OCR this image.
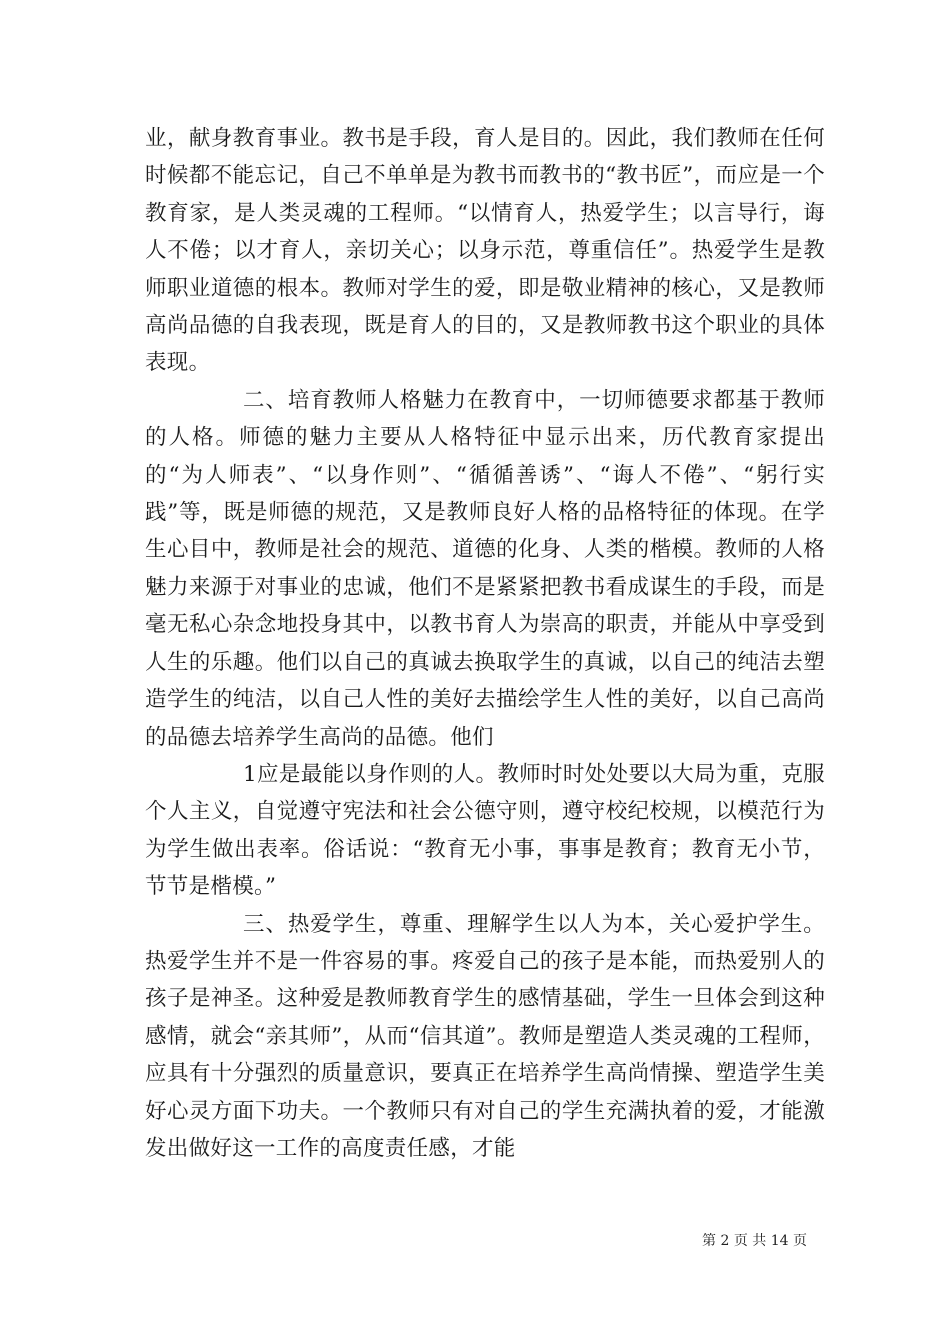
业，献身教育事业。教书是手段，育人是目的。因此，我们教师在任何时候都不能忘记，自己不单单是为教书而教书的“教书匠”，而应是一个教育家，是人类灵魂的工程师。“以情育人，热爱学生；以言导行，诲人不倦；以才育人，亲切关心；以身示范，尊重信任”。热爱学生是教师职业道德的根本。教师对学生的爱，即是敬业精神的核心，又是教师高尚品德的自我表现，既是育人的目的，又是教师教书这个职业的具体表现。

二、培育教师人格魅力在教育中，一切师德要求都基于教师的人格。师德的魅力主要从人格特征中显示出来，历代教育家提出的“为人师表”、“以身作则”、“循循善诱”、“诲人不倦”、“躬行实践”等，既是师德的规范，又是教师良好人格的品格特征的体现。在学生心目中，教师是社会的规范、道德的化身、人类的楷模。教师的人格魅力来源于对事业的忠诚，他们不是紧紧把教书看成谋生的手段，而是毫无私心杂念地投身其中，以教书育人为崇高的职责，并能从中享受到人生的乐趣。他们以自己的真诚去换取学生的真诚，以自己的纯洁去塑造学生的纯洁，以自己人性的美好去描绘学生人性的美好，以自己高尚的品德去培养学生高尚的品德。他们

1应是最能以身作则的人。教师时时处处要以大局为重，克服个人主义，自觉遵守宪法和社会公德守则，遵守校纪校规，以模范行为为学生做出表率。俗话说：“教育无小事，事事是教育；教育无小节，节节是楷模。”

三、热爱学生，尊重、理解学生以人为本，关心爱护学生。热爱学生并不是一件容易的事。疼爱自己的孩子是本能，而热爱别人的孩子是神圣。这种爱是教师教育学生的感情基础，学生一旦体会到这种感情，就会“亲其师”，从而“信其道”。教师是塑造人类灵魂的工程师，应具有十分强烈的质量意识，要真正在培养学生高尚情操、塑造学生美好心灵方面下功夫。一个教师只有对自己的学生充满执着的爱，才能激发出做好这一工作的高度责任感，才能

第 2 页 共 14 页
